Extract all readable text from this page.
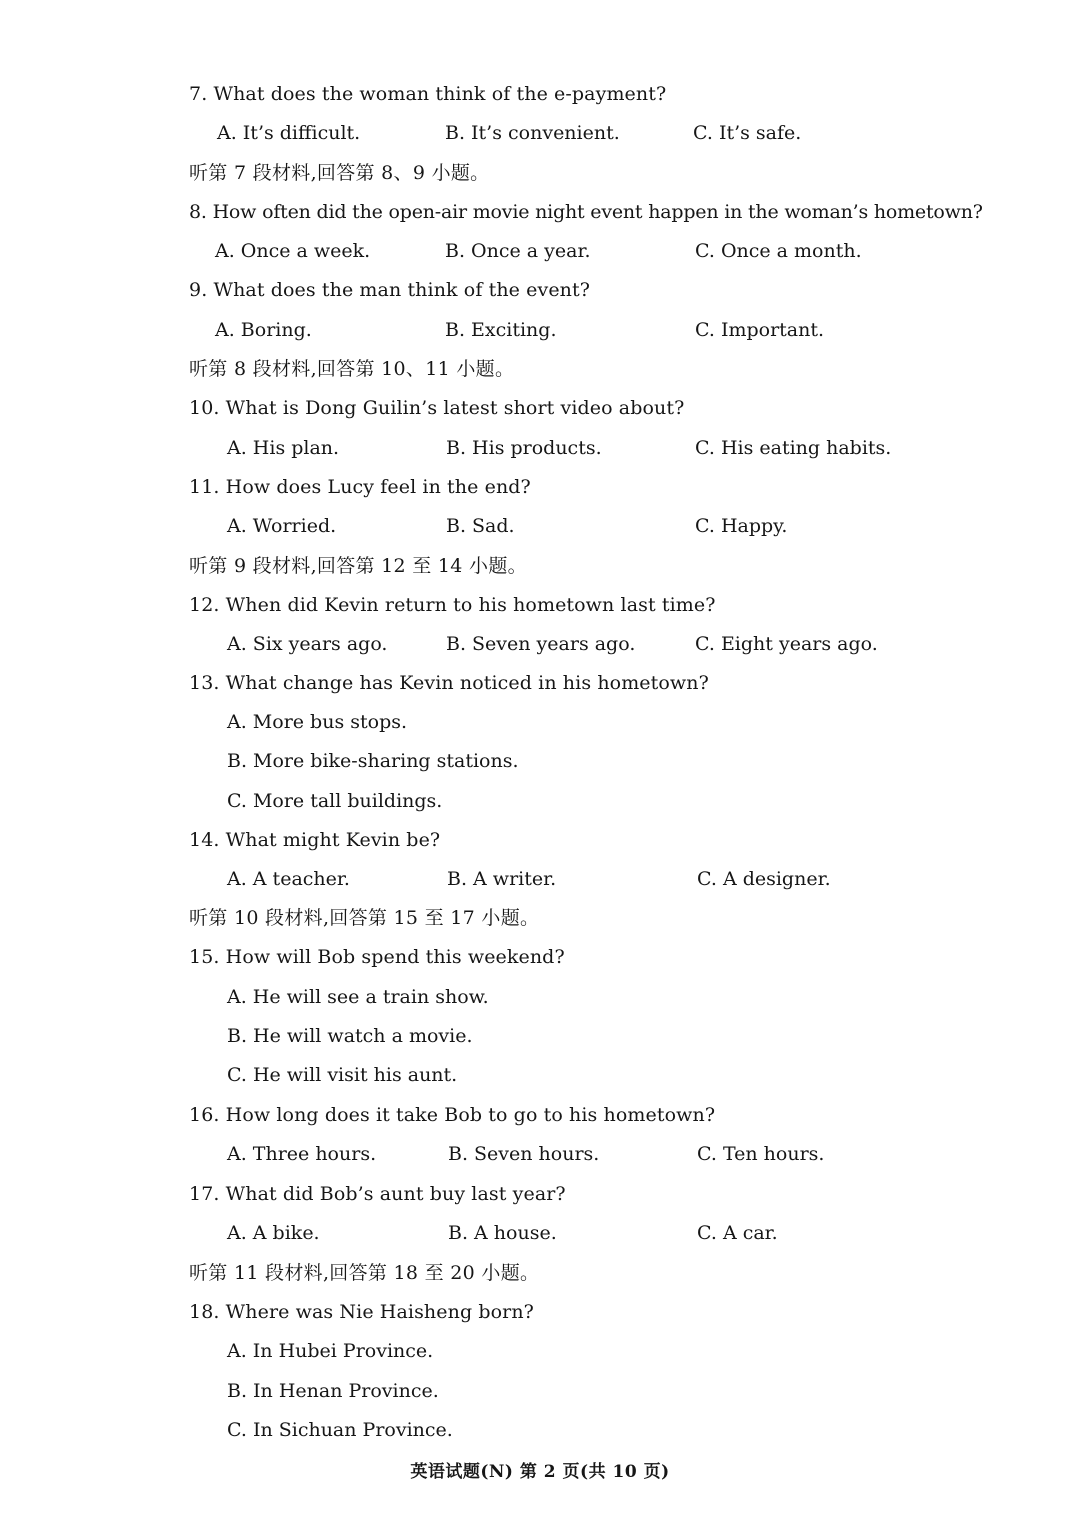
7. What does the woman think of the e-payment?
A. It’s difficult.	B. It’s convenient.	C. It’s safe.
听第 7 段材料,回答第 8、9 小题。
8. How often did the open-air movie night event happen in the woman’s hometown?
A. Once a week.	B. Once a year.	C. Once a month.
9. What does the man think of the event?
A. Boring.	B. Exciting.	C. Important.
听第 8 段材料,回答第 10、11 小题。
10. What is Dong Guilin’s latest short video about?
A. His plan.	B. His products.	C. His eating habits.
11. How does Lucy feel in the end?
A. Worried.	B. Sad.	C. Happy.
听第 9 段材料,回答第 12 至 14 小题。
12. When did Kevin return to his hometown last time?
A. Six years ago.	B. Seven years ago.	C. Eight years ago.
13. What change has Kevin noticed in his hometown?
A. More bus stops.
B. More bike-sharing stations.
C. More tall buildings.
14. What might Kevin be?
A. A teacher.	B. A writer.	C. A designer.
听第 10 段材料,回答第 15 至 17 小题。
15. How will Bob spend this weekend?
A. He will see a train show.
B. He will watch a movie.
C. He will visit his aunt.
16. How long does it take Bob to go to his hometown?
A. Three hours.	B. Seven hours.	C. Ten hours.
17. What did Bob’s aunt buy last year?
A. A bike.	B. A house.	C. A car.
听第 11 段材料,回答第 18 至 20 小题。
18. Where was Nie Haisheng born?
A. In Hubei Province.
B. In Henan Province.
C. In Sichuan Province.
英语试题(N) 第 2 页(共 10 页)
